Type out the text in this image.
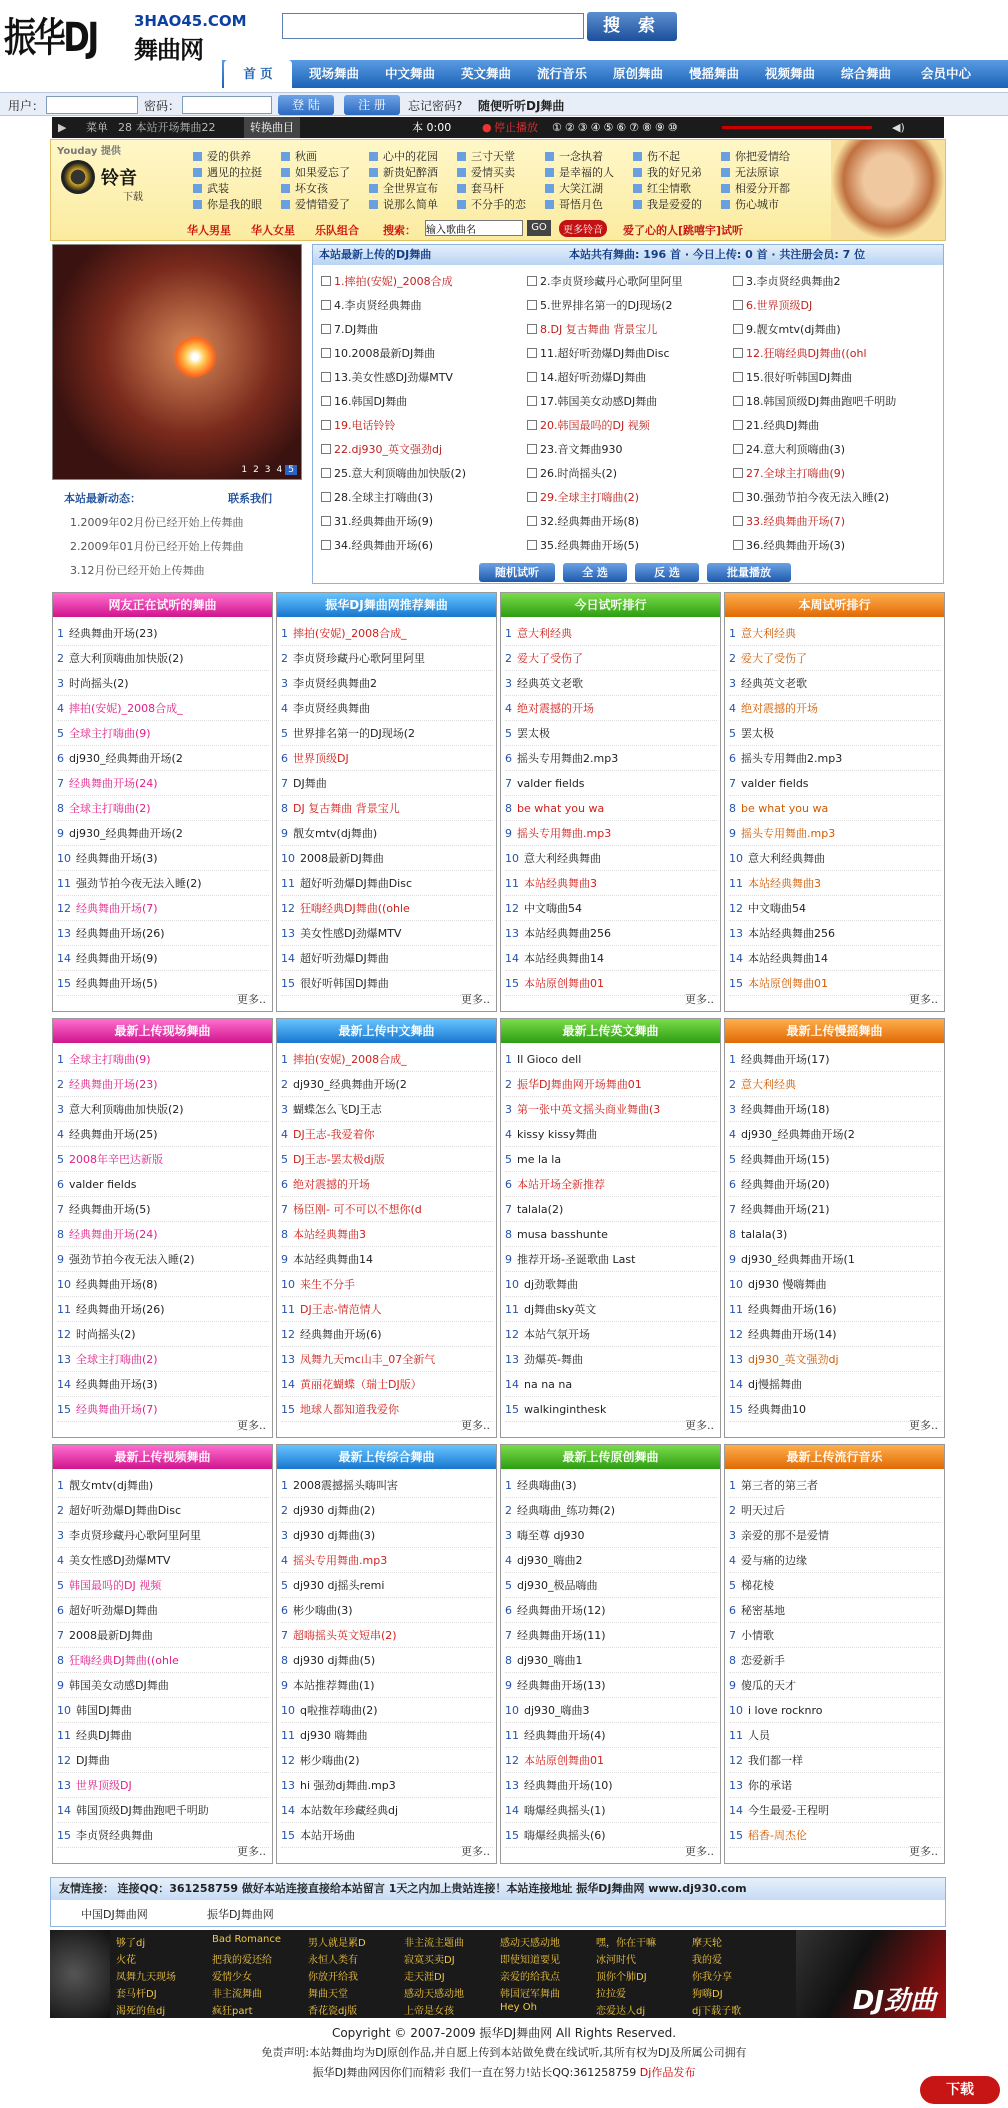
振华DJ 3HAO45.COM
舞曲网
搜 索
首 页	现场舞曲	中文舞曲	英文舞曲	流行音乐	原创舞曲	慢摇舞曲	视频舞曲	综合舞曲	会员中心
用户：	密码：	登 陆	注 册	忘记密码? 随便听听DJ舞曲
▶ 菜单 28 本站开场舞曲22	转换曲目	本 0:00	● 停止播放 ①②③④⑤⑥⑦⑧⑨⑩	◀)
Youday 提供
铃音
下载
爱的供养	秋画	心中的花园	三寸天堂	一念执着	伤不起	你把爱情给
遇见的拉挺	如果爱忘了	新贵妃醉酒	爱情买卖	是幸福的人	我的好兄弟	无法原谅
武装	坏女孩	全世界宣布	套马杆	大笑江湖	红尘情歌	相爱分开都
你是我的眼	爱情错爱了	说那么简单	不分手的恋	哥悟月色	我是爱爱的	伤心城市
华人男星 华人女星 乐队组合 搜索：
输入歌曲名	GO	更多铃音	爱了心的人[跳嘻宇]试听
1 2 3 4 5
本站最新动态：	联系我们
1.2009年02月份已经开始上传舞曲
2.2009年01月份已经开始上传舞曲
3.12月份已经开始上传舞曲
本站最新上传的DJ舞曲	本站共有舞曲: 196 首 · 今日上传: 0 首 · 共注册会员: 7 位
1.摔拍(安妮)_2008合成	2.李贞贤珍藏丹心歌阿里阿里	3.李贞贤经典舞曲2
4.李贞贤经典舞曲	5.世界排名第一的DJ现场(2	6.世界顶级DJ
7.DJ舞曲	8.DJ 复古舞曲 背景宝儿	9.靓女mtv(dj舞曲)
10.2008最新DJ舞曲	11.超好听劲爆DJ舞曲Disc	12.狂嗨经典DJ舞曲((ohl
13.美女性感DJ劲爆MTV	14.超好听劲爆DJ舞曲	15.很好听韩国DJ舞曲
16.韩国DJ舞曲	17.韩国美女动感DJ舞曲	18.韩国顶级DJ舞曲跑吧千明助
19.电话铃铃	20.韩国最吗的DJ 视频	21.经典DJ舞曲
22.dj930_英文强劲dj	23.音文舞曲930	24.意大利顶嗨曲(3)
25.意大利顶嗨曲加快版(2)	26.时尚摇头(2)	27.全球主打嗨曲(9)
28.全球主打嗨曲(3)	29.全球主打嗨曲(2)	30.强劲节拍今夜无法入睡(2)
31.经典舞曲开场(9)	32.经典舞曲开场(8)	33.经典舞曲开场(7)
34.经典舞曲开场(6)	35.经典舞曲开场(5)	36.经典舞曲开场(3)
随机试听	全 选	反 选	批量播放
网友正在试听的舞曲
1 经典舞曲开场(23)
2 意大利顶嗨曲加快版(2)
3 时尚摇头(2)
4 摔拍(安妮)_2008合成_
5 全球主打嗨曲(9)
6 dj930_经典舞曲开场(2
7 经典舞曲开场(24)
8 全球主打嗨曲(2)
9 dj930_经典舞曲开场(2
10 经典舞曲开场(3)
11 强劲节拍今夜无法入睡(2)
12 经典舞曲开场(7)
13 经典舞曲开场(26)
14 经典舞曲开场(9)
15 经典舞曲开场(5)
更多..
振华DJ舞曲网推荐舞曲
1 摔拍(安妮)_2008合成_
2 李贞贤珍藏丹心歌阿里阿里
3 李贞贤经典舞曲2
4 李贞贤经典舞曲
5 世界排名第一的DJ现场(2
6 世界顶级DJ
7 DJ舞曲
8 DJ 复古舞曲 背景宝儿
9 靓女mtv(dj舞曲)
10 2008最新DJ舞曲
11 超好听劲爆DJ舞曲Disc
12 狂嗨经典DJ舞曲((ohle
13 美女性感DJ劲爆MTV
14 超好听劲爆DJ舞曲
15 很好听韩国DJ舞曲
更多..
今日试听排行
1 意大利经典
2 爱大了受伤了
3 经典英文老歌
4 绝对震撼的开场
5 罢太极
6 摇头专用舞曲2.mp3
7 valder fields
8 be what you wa
9 摇头专用舞曲.mp3
10 意大利经典舞曲
11 本站经典舞曲3
12 中文嗨曲54
13 本站经典舞曲256
14 本站经典舞曲14
15 本站原创舞曲01
更多..
本周试听排行
1 意大利经典
2 爱大了受伤了
3 经典英文老歌
4 绝对震撼的开场
5 罢太极
6 摇头专用舞曲2.mp3
7 valder fields
8 be what you wa
9 摇头专用舞曲.mp3
10 意大利经典舞曲
11 本站经典舞曲3
12 中文嗨曲54
13 本站经典舞曲256
14 本站经典舞曲14
15 本站原创舞曲01
更多..
最新上传现场舞曲
1 全球主打嗨曲(9)
2 经典舞曲开场(23)
3 意大利顶嗨曲加快版(2)
4 经典舞曲开场(25)
5 2008年辛巴达新版
6 valder fields
7 经典舞曲开场(5)
8 经典舞曲开场(24)
9 强劲节拍今夜无法入睡(2)
10 经典舞曲开场(8)
11 经典舞曲开场(26)
12 时尚摇头(2)
13 全球主打嗨曲(2)
14 经典舞曲开场(3)
15 经典舞曲开场(7)
更多..
最新上传中文舞曲
1 摔拍(安妮)_2008合成_
2 dj930_经典舞曲开场(2
3 蝴蝶怎么飞DJ王志
4 DJ王志-我爱着你
5 DJ王志-罢太极dj版
6 绝对震撼的开场
7 杨臣刚- 可不可以不想你(d
8 本站经典舞曲3
9 本站经典舞曲14
10 来生不分手
11 DJ王志-情范情人
12 经典舞曲开场(6)
13 凤舞九天mc山丰_07全新气
14 黄丽花蝴蝶（瑞士DJ版）
15 地球人都知道我爱你
更多..
最新上传英文舞曲
1 Il Gioco dell
2 振华DJ舞曲网开场舞曲01
3 第一张中英文摇头商业舞曲(3
4 kissy kissy舞曲
5 me la la
6 本站开场全新推荐
7 talala(2)
8 musa basshunte
9 推荐开场-圣诞歌曲 Last
10 dj劲歌舞曲
11 dj舞曲sky英文
12 本站气氛开场
13 劲爆英-舞曲
14 na na na
15 walkinginthesk
更多..
最新上传慢摇舞曲
1 经典舞曲开场(17)
2 意大利经典
3 经典舞曲开场(18)
4 dj930_经典舞曲开场(2
5 经典舞曲开场(15)
6 经典舞曲开场(20)
7 经典舞曲开场(21)
8 talala(3)
9 dj930_经典舞曲开场(1
10 dj930 慢嗨舞曲
11 经典舞曲开场(16)
12 经典舞曲开场(14)
13 dj930_英文强劲dj
14 dj慢摇舞曲
15 经典舞曲10
更多..
最新上传视频舞曲
1 靓女mtv(dj舞曲)
2 超好听劲爆DJ舞曲Disc
3 李贞贤珍藏丹心歌阿里阿里
4 美女性感DJ劲爆MTV
5 韩国最吗的DJ 视频
6 超好听劲爆DJ舞曲
7 2008最新DJ舞曲
8 狂嗨经典DJ舞曲((ohle
9 韩国美女动感DJ舞曲
10 韩国DJ舞曲
11 经典DJ舞曲
12 DJ舞曲
13 世界顶级DJ
14 韩国顶级DJ舞曲跑吧千明助
15 李贞贤经典舞曲
更多..
最新上传综合舞曲
1 2008震撼摇头嗨叫害
2 dj930 dj舞曲(2)
3 dj930 dj舞曲(3)
4 摇头专用舞曲.mp3
5 dj930 dj摇头remi
6 彬少嗨曲(3)
7 超嗨摇头英文短串(2)
8 dj930 dj舞曲(5)
9 本站推荐舞曲(1)
10 q啦推荐嗨曲(2)
11 dj930 嗨舞曲
12 彬少嗨曲(2)
13 hi 强劲dj舞曲.mp3
14 本站数年珍藏经典dj
15 本站开场曲
更多..
最新上传原创舞曲
1 经典嗨曲(3)
2 经典嗨曲_练功舞(2)
3 嗨至尊 dj930
4 dj930_嗨曲2
5 dj930_极品嗨曲
6 经典舞曲开场(12)
7 经典舞曲开场(11)
8 dj930_嗨曲1
9 经典舞曲开场(13)
10 dj930_嗨曲3
11 经典舞曲开场(4)
12 本站原创舞曲01
13 经典舞曲开场(10)
14 嗨爆经典摇头(1)
15 嗨爆经典摇头(6)
更多..
最新上传流行音乐
1 第三者的第三者
2 明天过后
3 亲爱的那不是爱情
4 爱与痛的边缘
5 梯花棱
6 秘密基地
7 小情歌
8 恋爱新手
9 傻瓜的天才
10 i love rocknro
11 人员
12 我们都一样
13 你的承诺
14 今生最爱-王程明
15 稻香-周杰伦
更多..
友情连接： 连接QQ：361258759 做好本站连接直接给本站留言 1天之内加上贵站连接！本站连接地址 振华DJ舞曲网 www.dj930.com
中国DJ舞曲网	振华DJ舞曲网
DJ劲曲
够了dj	Bad Romance	男人就是累D	非主流主题曲	感动天感动地	嘿，你在干嘛	摩天轮
火花	把我的爱还给	永恒人类有	寂寞买卖DJ	即使知道要见	冰河时代	我的爱
凤舞九天现场	爱情少女	你放开给我	走天涯DJ	亲爱的给我点	顶你个肺DJ	你我分享
套马杆DJ	非主流舞曲	舞曲天堂	感动天感动地	韩国冠军舞曲	拉拉爱	狗嗨DJ
渴死的鱼dj	疯狂part	香花瓷dj版	上帝是女孩	Hey Oh	恋爱达人dj	dj下载子歌
Copyright © 2007-2009 振华DJ舞曲网 All Rights Reserved.
免责声明:本站舞曲均为DJ原创作品,并自愿上传到本站做免费在线试听,其所有权为DJ及所属公司拥有
振华DJ舞曲网因你们而精彩 我们一直在努力!站长QQ:361258759 Dj作品发布
下载
